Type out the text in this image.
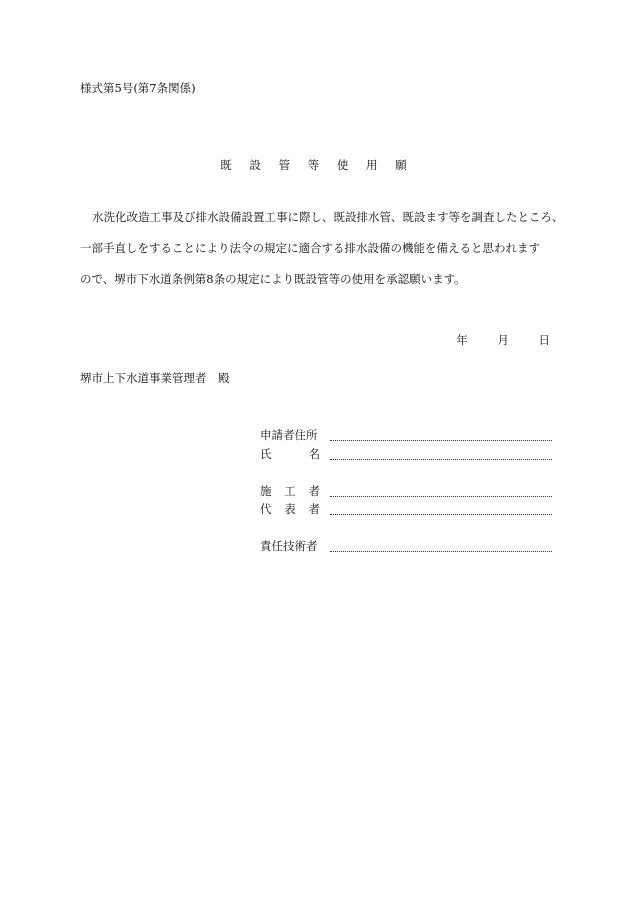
様式第5号(第7条関係)
既 設 管 等 使 用 願
水洗化改造工事及び排水設備設置工事に際し、既設排水管、既設ます等を調査したところ、
一部手直しをすることにより法令の規定に適合する排水設備の機能を備えると思われます
ので、堺市下水道条例第8条の規定により既設管等の使用を承認願います。
年	月	日
堺市上下水道事業管理者　殿
申請者住所
氏	名
施 工 者
代 表 者
責任技術者
